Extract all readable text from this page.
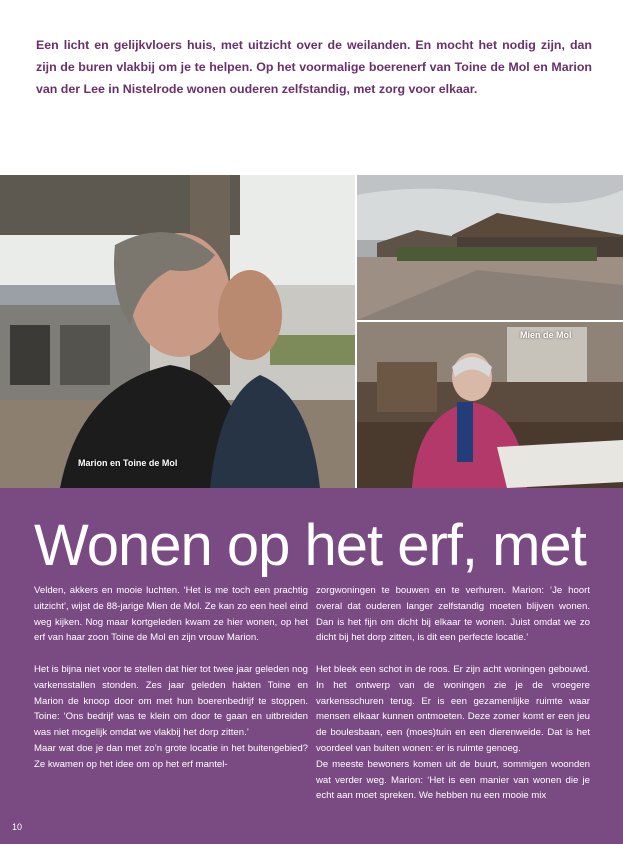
Een licht en gelijkvloers huis, met uitzicht over de weilanden. En mocht het nodig zijn, dan zijn de buren vlakbij om je te helpen. Op het voormalige boerenerf van Toine de Mol en Marion van der Lee in Nistelrode wonen ouderen zelfstandig, met zorg voor elkaar.
Marion en Toine de Mol
Mien de Mol
Wonen op het erf, met

Velden, akkers en mooie luchten. ‘Het is me toch een prachtig uitzicht’, wijst de 88-jarige Mien de Mol. Ze kan zo een heel eind weg kijken. Nog maar kortgeleden kwam ze hier wonen, op het erf van haar zoon Toine de Mol en zijn vrouw Marion.

Het is bijna niet voor te stellen dat hier tot twee jaar geleden nog varkensstallen stonden. Zes jaar geleden hakten Toine en Marion de knoop door om met hun boerenbedrijf te stoppen. Toine: ‘Ons bedrijf was te klein om door te gaan en uitbreiden was niet mogelijk omdat we vlakbij het dorp zitten.’

Maar wat doe je dan met zo’n grote locatie in het buitengebied? Ze kwamen op het idee om op het erf mantel-

zorgwoningen te bouwen en te verhuren. Marion: ‘Je hoort overal dat ouderen langer zelfstandig moeten blijven wonen. Dan is het fijn om dicht bij elkaar te wonen. Juist omdat we zo dicht bij het dorp zitten, is dit een perfecte locatie.’

Het bleek een schot in de roos. Er zijn acht woningen gebouwd. In het ontwerp van de woningen zie je de vroegere varkensschuren terug. Er is een gezamenlijke ruimte waar mensen elkaar kunnen ontmoeten. Deze zomer komt er een jeu de boulesbaan, een (moes)tuin en een dierenweide. Dat is het voordeel van buiten wonen: er is ruimte genoeg.

De meeste bewoners komen uit de buurt, sommigen woonden wat verder weg. Marion: ‘Het is een manier van wonen die je echt aan moet spreken. We hebben nu een mooie mix

10
